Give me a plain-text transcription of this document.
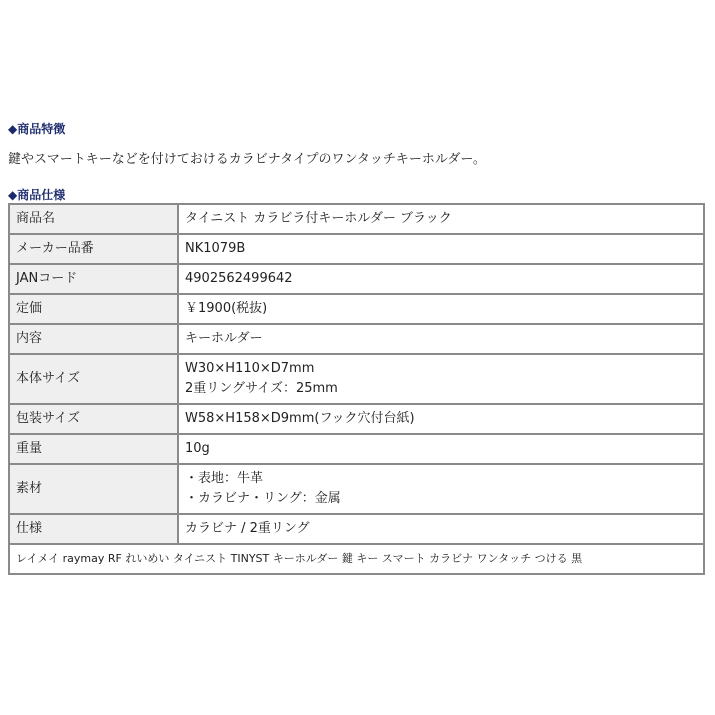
◆商品特徴
鍵やスマートキーなどを付けておけるカラビナタイプのワンタッチキーホルダー。
◆商品仕様
商品名	タイニスト カラビラ付キーホルダー ブラック

メーカー品番	NK1079B

JANコード	4902562499642

定価	￥1900(税抜)

内容	キーホルダー

本体サイズ	W30×H110×D7mm
2重リングサイズ：25mm

包装サイズ	W58×H158×D9mm(フック穴付台紙)

重量	10g

素材	・表地：牛革
・カラビナ・リング：金属

仕様	カラビナ / 2重リング

レイメイ raymay RF れいめい タイニスト TINYST キーホルダー 鍵 キー スマート カラビナ ワンタッチ つける 黒	
